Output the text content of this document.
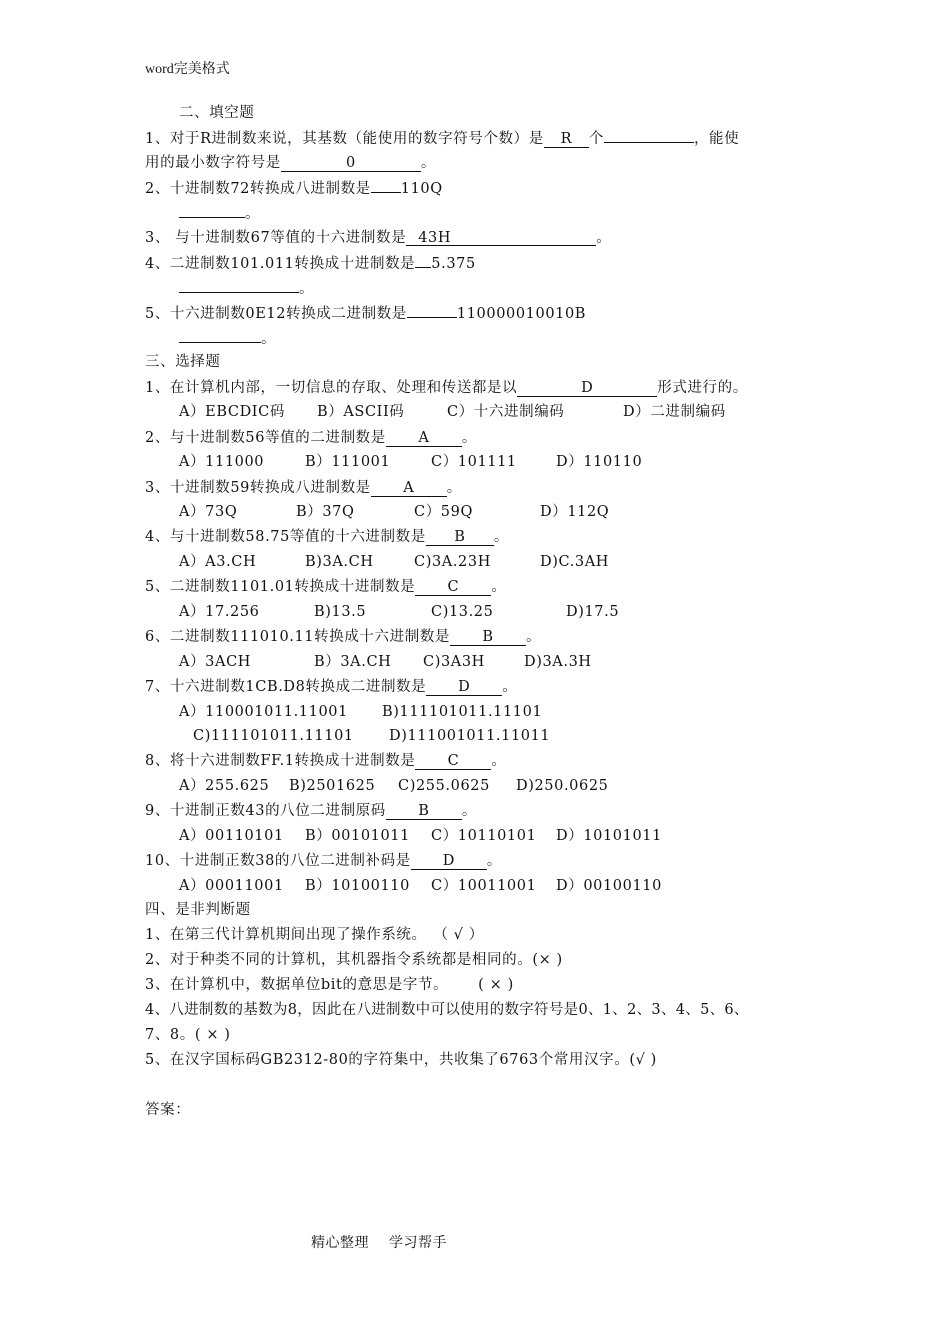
word完美格式
二、填空题
1、对于R进制数来说，其基数（能使用的数字符号个数）是 R 个	，能使
用的最小数字符号是	0	。
2、十进制数72转换成八进制数是 110Q
。
3、 与十进制数67等值的十六进制数是 43H	。
4、二进制数101.011转换成十进制数是 5.375
。
5、十六进制数0E12转换成二进制数是	110000010010B
。
三、选择题
1、在计算机内部，一切信息的存取、处理和传送都是以	D	形式进行的。
A）EBCDIC码 B）ASCII码	C）十六进制编码	D）二进制编码
2、与十进制数56等值的二进制数是 A 。
A）111000	B）111001	C）101111	D）110110
3、十进制数59转换成八进制数是 A 。
A）73Q	B）37Q	C）59Q	D）112Q
4、与十进制数58.75等值的十六进制数是 B 。
A）A3.CH	B)3A.CH	C)3A.23H	D)C.3AH
5、二进制数1101.01转换成十进制数是 C 。
A）17.256	B)13.5	C)13.25	D)17.5
6、二进制数111010.11转换成十六进制数是 B 。
A）3ACH	B）3A.CH C)3A3H	D)3A.3H
7、十六进制数1CB.D8转换成二进制数是 D 。
A）110001011.11001 B)111101011.11101
C)111101011.11101 D)111001011.11011
8、将十六进制数FF.1转换成十进制数是 C 。
A）255.625 B)2501625 C)255.0625 D)250.0625
9、十进制正数43的八位二进制原码 B 。
A）00110101 B）00101011 C）10110101 D）10101011
10、十进制正数38的八位二进制补码是 D 。
A）00011001 B）10100110 C）10011001 D）00100110
四、是非判断题
1、在第三代计算机期间出现了操作系统。 （ √ ）
2、对于种类不同的计算机，其机器指令系统都是相同的。(× )
3、在计算机中，数据单位bit的意思是字节。 ( × )
4、八进制数的基数为8，因此在八进制数中可以使用的数字符号是0、1、2、3、4、5、6、
7、8。( × )
5、在汉字国标码GB2312-80的字符集中，共收集了6763个常用汉字。(√ )
答案：
精心整理 学习帮手
